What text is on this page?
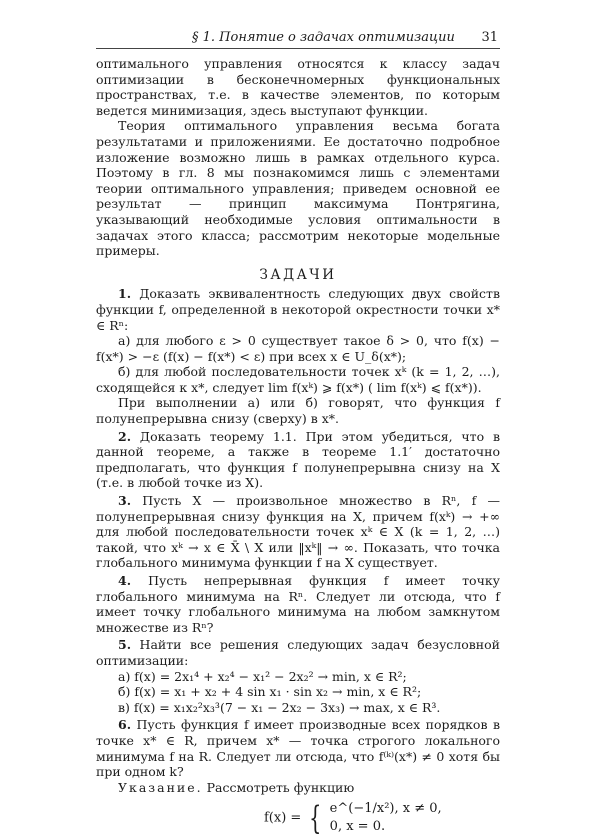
§ 1. Понятие о задачах оптимизации 31

оптимального управления относятся к классу задач оптимизации в бесконечномерных функциональных пространствах, т.е. в качестве элементов, по которым ведется минимизация, здесь выступают функции.

Теория оптимального управления весьма богата результатами и приложениями. Ее достаточно подробное изложение возможно лишь в рамках отдельного курса. Поэтому в гл. 8 мы познакомимся лишь с элементами теории оптимального управления; приведем основной ее результат — принцип максимума Понтрягина, указывающий необходимые условия оптимальности в задачах этого класса; рассмотрим некоторые модельные примеры.

ЗАДАЧИ

1. Доказать эквивалентность следующих двух свойств функции f, определенной в некоторой окрестности точки x* ∈ Rⁿ:

а) для любого ε > 0 существует такое δ > 0, что f(x) − f(x*) > −ε (f(x) − f(x*) < ε) при всех x ∈ U_δ(x*);

б) для любой последовательности точек xᵏ (k = 1, 2, …), сходящейся к x*, следует lim f(xᵏ) ⩾ f(x*) ( lim f(xᵏ) ⩽ f(x*)).

При выполнении а) или б) говорят, что функция f полунепрерывна снизу (сверху) в x*.

2. Доказать теорему 1.1. При этом убедиться, что в данной теореме, а также в теореме 1.1′ достаточно предполагать, что функция f полунепрерывна снизу на X (т.е. в любой точке из X).

3. Пусть X — произвольное множество в Rⁿ, f — полунепрерывная снизу функция на X, причем f(xᵏ) → +∞ для любой последовательности точек xᵏ ∈ X (k = 1, 2, …) такой, что xᵏ → x ∈ X̄ \ X или ‖xᵏ‖ → ∞. Показать, что точка глобального минимума функции f на X существует.

4. Пусть непрерывная функция f имеет точку глобального минимума на Rⁿ. Следует ли отсюда, что f имеет точку глобального минимума на любом замкнутом множестве из Rⁿ?

5. Найти все решения следующих задач безусловной оптимизации:

а) f(x) = 2x₁⁴ + x₂⁴ − x₁² − 2x₂² → min, x ∈ R²;

б) f(x) = x₁ + x₂ + 4 sin x₁ · sin x₂ → min, x ∈ R²;

в) f(x) = x₁x₂²x₃³(7 − x₁ − 2x₂ − 3x₃) → max, x ∈ R³.

6. Пусть функция f имеет производные всех порядков в точке x* ∈ R, причем x* — точка строгого локального минимума f на R. Следует ли отсюда, что f⁽ᵏ⁾(x*) ≠ 0 хотя бы при одном k?

Указание. Рассмотреть функцию

f(x) = { e^(−1/x²), x ≠ 0,
0, x = 0.
